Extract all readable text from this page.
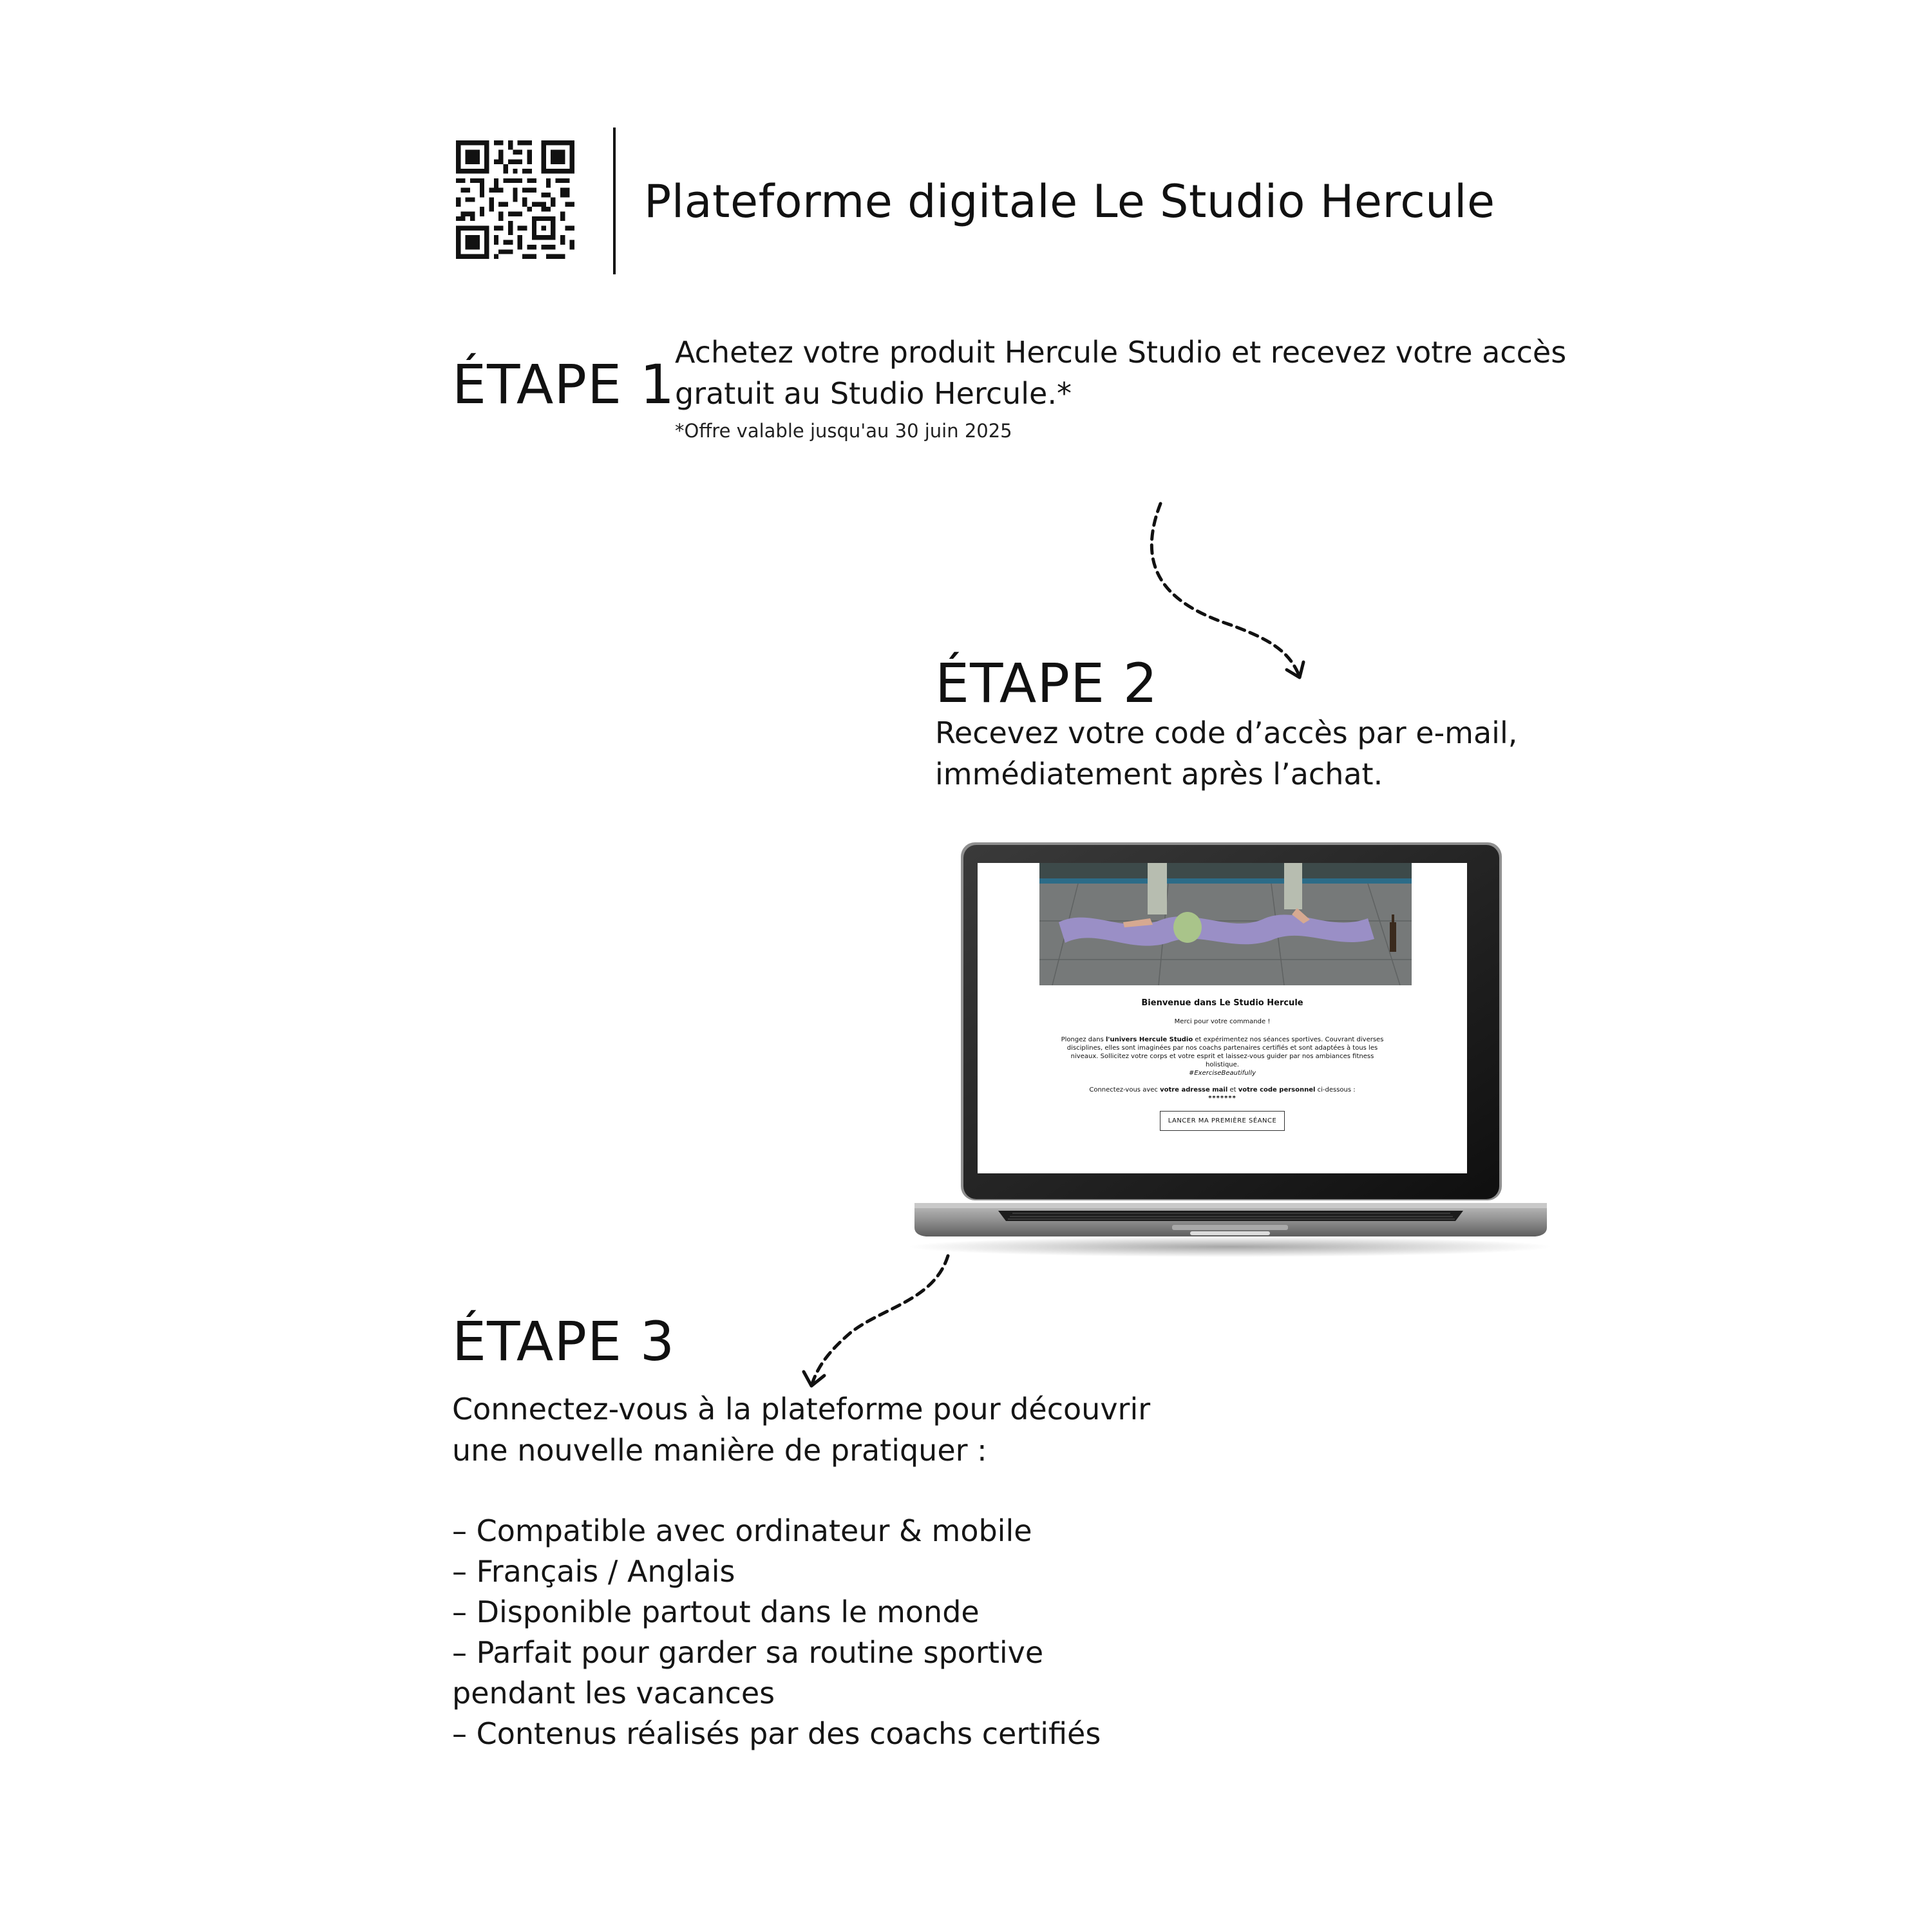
Plateforme digitale Le Studio Hercule
ÉTAPE 1
Achetez votre produit Hercule Studio et recevez votre accès
gratuit au Studio Hercule.*
*Offre valable jusqu'au 30 juin 2025
ÉTAPE 2
Recevez votre code d’accès par e-mail,
immédiatement après l’achat.
Bienvenue dans Le Studio Hercule
Merci pour votre commande !
Plongez dans l'univers Hercule Studio et expérimentez nos séances sportives. Couvrant diverses disciplines, elles sont imaginées par nos coachs partenaires certifiés et sont adaptées à tous les niveaux. Sollicitez votre corps et votre esprit et laissez-vous guider par nos ambiances fitness holistique.
#ExerciseBeautifully
Connectez-vous avec votre adresse mail et votre code personnel ci-dessous :
*******
LANCER MA PREMIÈRE SÉANCE
ÉTAPE 3
Connectez-vous à la plateforme pour découvrir
une nouvelle manière de pratiquer :
– Compatible avec ordinateur & mobile
– Français / Anglais
– Disponible partout dans le monde
– Parfait pour garder sa routine sportive
pendant les vacances
– Contenus réalisés par des coachs certifiés
